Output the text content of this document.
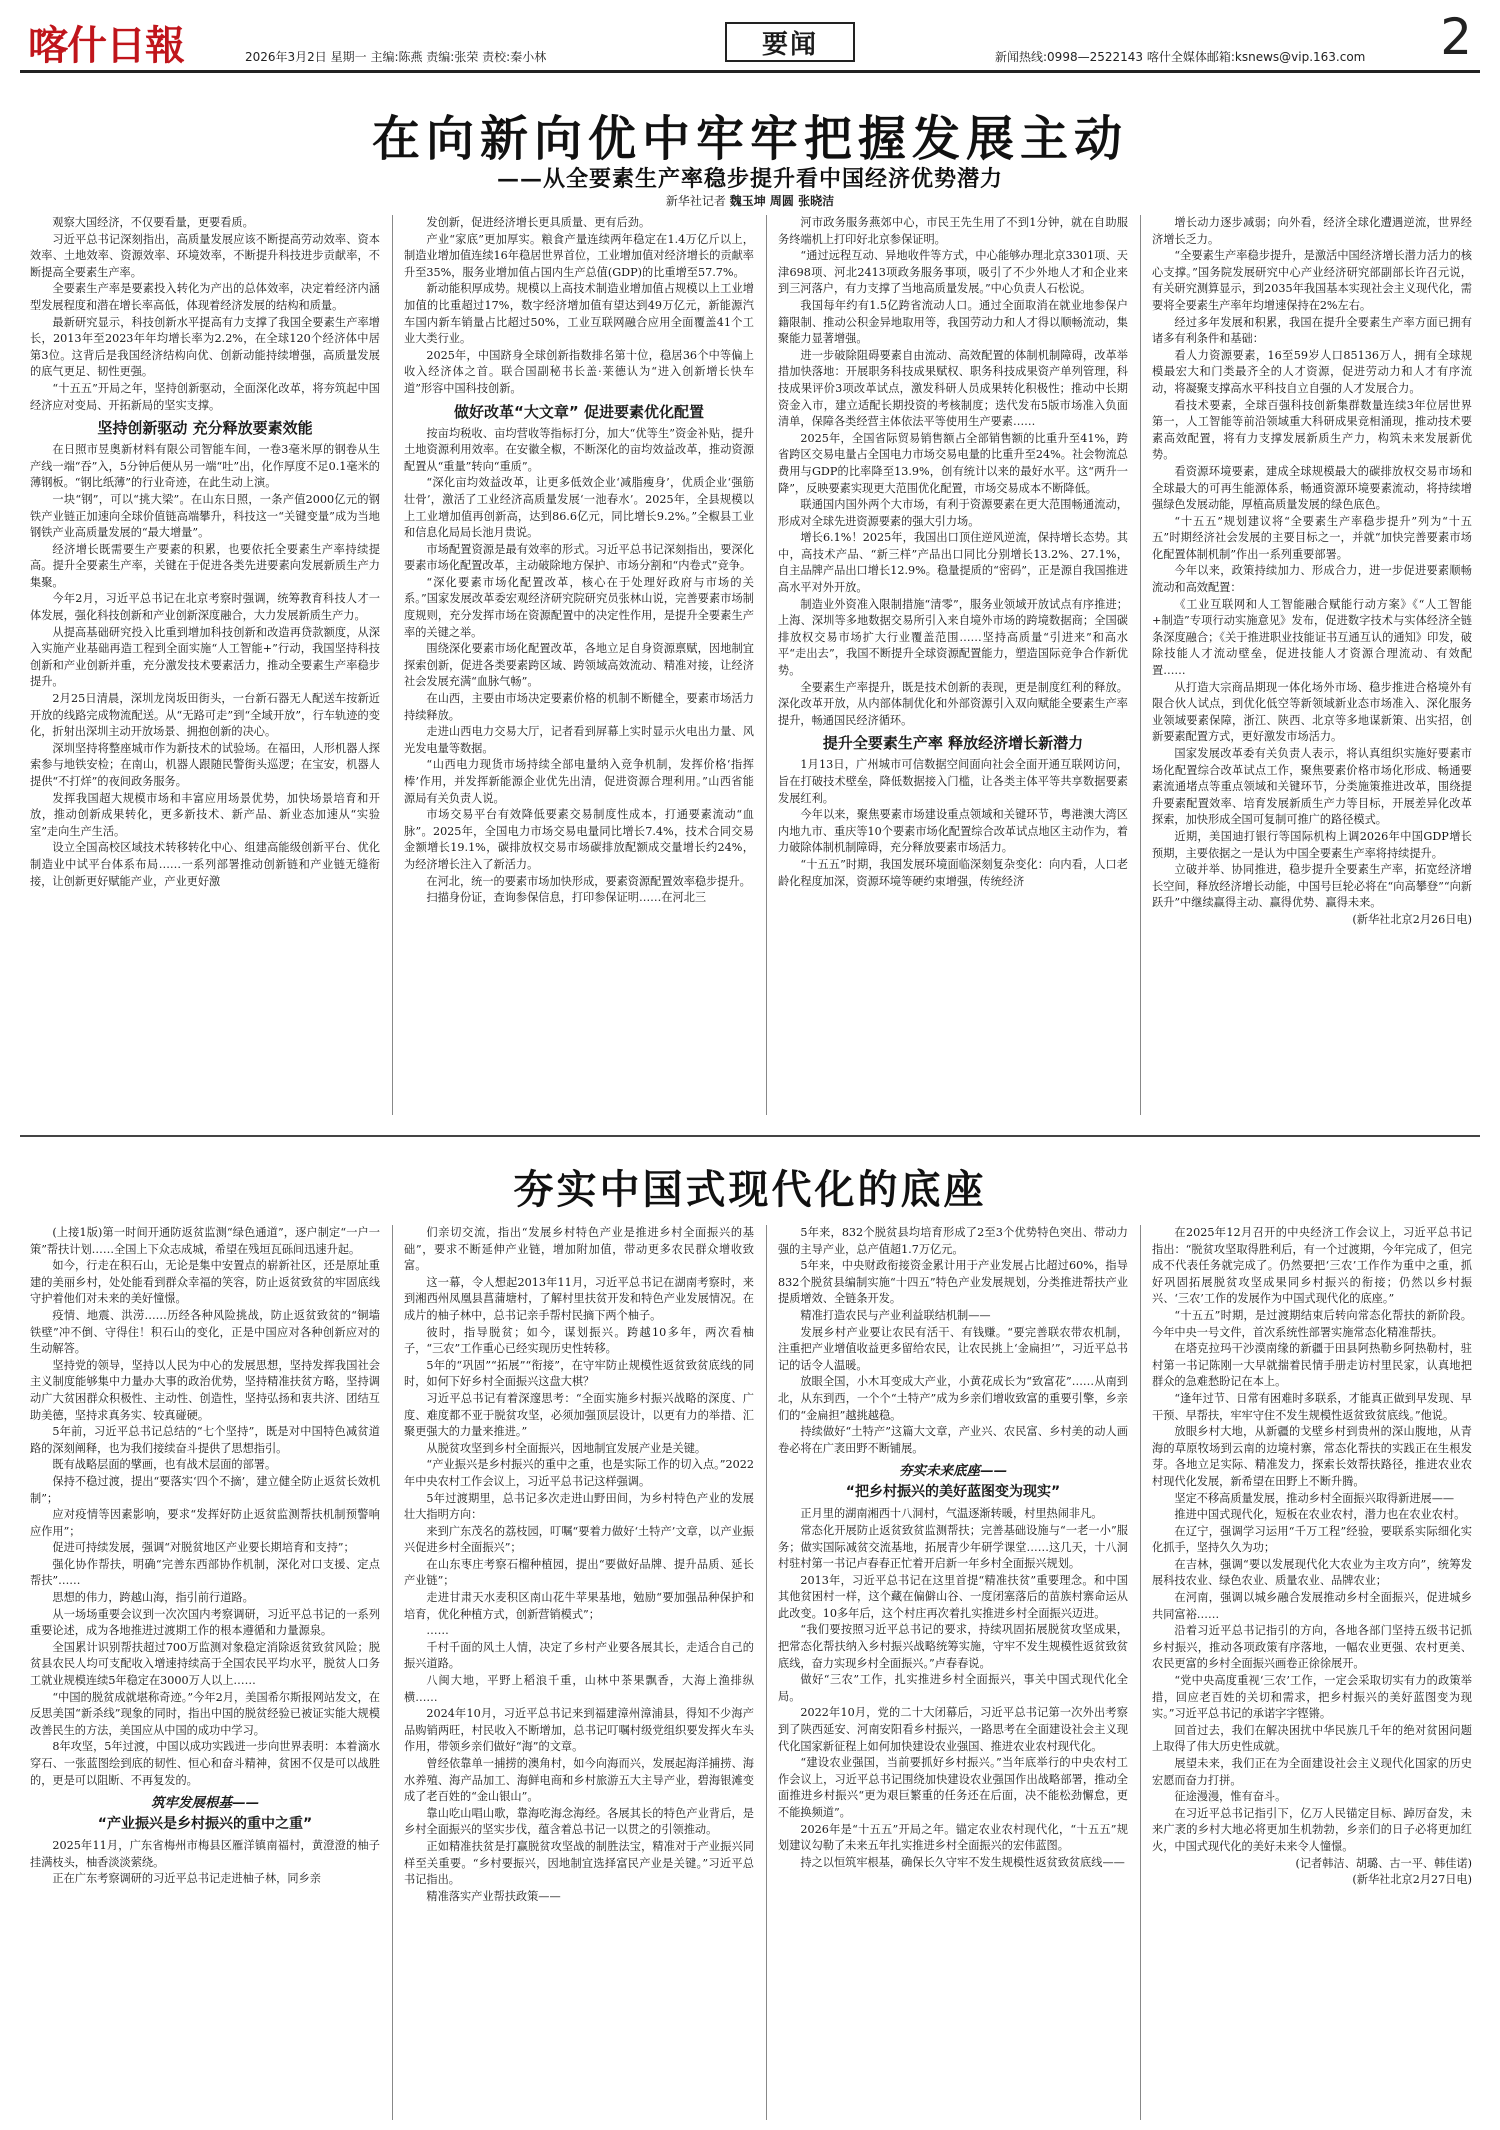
喀什日報	2026年3月2日 星期一 主编:陈燕 责编:张荣 责校:秦小林	要闻	新闻热线:0998—2522143 喀什全媒体邮箱:ksnews@vip.163.com 2
在向新向优中牢牢把握发展主动
——从全要素生产率稳步提升看中国经济优势潜力
新华社记者 魏玉坤 周圆 张晓洁

观察大国经济，不仅要看量，更要看质。

习近平总书记深刻指出，高质量发展应该不断提高劳动效率、资本效率、土地效率、资源效率、环境效率，不断提升科技进步贡献率，不断提高全要素生产率。

全要素生产率是要素投入转化为产出的总体效率，决定着经济内涵型发展程度和潜在增长率高低，体现着经济发展的结构和质量。

最新研究显示，科技创新水平提高有力支撑了我国全要素生产率增长，2013年至2023年年均增长率为2.2%，在全球120个经济体中居第3位。这背后是我国经济结构向优、创新动能持续增强，高质量发展的底气更足、韧性更强。

“十五五”开局之年，坚持创新驱动，全面深化改革，将夯筑起中国经济应对变局、开拓新局的坚实支撑。

坚持创新驱动 充分释放要素效能

在日照市昱奥新材料有限公司智能车间，一卷3毫米厚的钢卷从生产线一端“吞”入，5分钟后便从另一端“吐”出，化作厚度不足0.1毫米的薄钢板。“钢比纸薄”的行业奇迹，在此生动上演。

一块“钢”，可以“挑大梁”。在山东日照，一条产值2000亿元的钢铁产业链正加速向全球价值链高端攀升，科技这一“关键变量”成为当地钢铁产业高质量发展的“最大增量”。

经济增长既需要生产要素的积累，也要依托全要素生产率持续提高。提升全要素生产率，关键在于促进各类先进要素向发展新质生产力集聚。

今年2月，习近平总书记在北京考察时强调，统筹教育科技人才一体发展，强化科技创新和产业创新深度融合，大力发展新质生产力。

从提高基础研究投入比重到增加科技创新和改造再贷款额度，从深入实施产业基础再造工程到全面实施“人工智能+”行动，我国坚持科技创新和产业创新并重，充分激发技术要素活力，推动全要素生产率稳步提升。

2月25日清晨，深圳龙岗坂田街头，一台新石器无人配送车按新近开放的线路完成物流配送。从“无路可走”到“全域开放”，行车轨迹的变化，折射出深圳主动开放场景、拥抱创新的决心。

深圳坚持将整座城市作为新技术的试验场。在福田，人形机器人探索参与地铁安检；在南山，机器人跟随民警街头巡逻；在宝安，机器人提供“不打烊”的夜间政务服务。

发挥我国超大规模市场和丰富应用场景优势，加快场景培育和开放，推动创新成果转化，更多新技术、新产品、新业态加速从“实验室”走向生产生活。

设立全国高校区域技术转移转化中心、组建高能级创新平台、优化制造业中试平台体系布局……一系列部署推动创新链和产业链无缝衔接，让创新更好赋能产业，产业更好激

发创新，促进经济增长更具质量、更有后劲。

产业“家底”更加厚实。粮食产量连续两年稳定在1.4万亿斤以上，制造业增加值连续16年稳居世界首位，工业增加值对经济增长的贡献率升至35%，服务业增加值占国内生产总值(GDP)的比重增至57.7%。

新动能积厚成势。规模以上高技术制造业增加值占规模以上工业增加值的比重超过17%，数字经济增加值有望达到49万亿元，新能源汽车国内新车销量占比超过50%，工业互联网融合应用全面覆盖41个工业大类行业。

2025年，中国跻身全球创新指数排名第十位，稳居36个中等偏上收入经济体之首。联合国副秘书长盖·莱德认为“进入创新增长快车道”形容中国科技创新。

做好改革“大文章” 促进要素优化配置

按亩均税收、亩均营收等指标打分，加大“优等生”资金补贴，提升土地资源利用效率。在安徽全椒，不断深化的亩均效益改革，推动资源配置从“重量”转向“重质”。

“深化亩均效益改革，让更多低效企业‘减脂瘦身’，优质企业‘强筋壮骨’，激活了工业经济高质量发展‘一池春水’。2025年，全县规模以上工业增加值再创新高，达到86.6亿元，同比增长9.2%。”全椒县工业和信息化局局长池月贵说。

市场配置资源是最有效率的形式。习近平总书记深刻指出，要深化要素市场化配置改革，主动破除地方保护、市场分割和“内卷式”竞争。

“深化要素市场化配置改革，核心在于处理好政府与市场的关系。”国家发展改革委宏观经济研究院研究员张林山说，完善要素市场制度规则，充分发挥市场在资源配置中的决定性作用，是提升全要素生产率的关键之举。

围绕深化要素市场化配置改革，各地立足自身资源禀赋，因地制宜探索创新，促进各类要素跨区域、跨领域高效流动、精准对接，让经济社会发展充满“血脉气畅”。

在山西，主要由市场决定要素价格的机制不断健全，要素市场活力持续释放。

走进山西电力交易大厅，记者看到屏幕上实时显示火电出力量、风光发电量等数据。

“山西电力现货市场持续全部电量纳入竞争机制，发挥价格‘指挥棒’作用，并发挥新能源企业优先出清，促进资源合理利用。”山西省能源局有关负责人说。

市场交易平台有效降低要素交易制度性成本，打通要素流动“血脉”。2025年，全国电力市场交易电量同比增长7.4%，技术合同交易金额增长19.1%，碳排放权交易市场碳排放配额成交量增长约24%，为经济增长注入了新活力。

在河北，统一的要素市场加快形成，要素资源配置效率稳步提升。

扫描身份证，查询参保信息，打印参保证明……在河北三

河市政务服务燕郊中心，市民王先生用了不到1分钟，就在自助服务终端机上打印好北京参保证明。

“通过远程互动、异地收件等方式，中心能够办理北京3301项、天津698项、河北2413项政务服务事项，吸引了不少外地人才和企业来到三河落户，有力支撑了当地高质量发展。”中心负责人石松说。

我国每年约有1.5亿跨省流动人口。通过全面取消在就业地参保户籍限制、推动公积金异地取用等，我国劳动力和人才得以顺畅流动，集聚能力显著增强。

进一步破除阻碍要素自由流动、高效配置的体制机制障碍，改革举措加快落地：开展职务科技成果赋权、职务科技成果资产单列管理，科技成果评价3项改革试点，激发科研人员成果转化积极性；推动中长期资金入市，建立适配长期投资的考核制度；迭代发布5版市场准入负面清单，保障各类经营主体依法平等使用生产要素……

2025年，全国省际贸易销售额占全部销售额的比重升至41%，跨省跨区交易电量占全国电力市场交易电量的比重升至24%。社会物流总费用与GDP的比率降至13.9%，创有统计以来的最好水平。这“两升一降”，反映要素实现更大范围优化配置，市场交易成本不断降低。

联通国内国外两个大市场，有利于资源要素在更大范围畅通流动，形成对全球先进资源要素的强大引力场。

增长6.1%！2025年，我国出口顶住逆风逆流，保持增长态势。其中，高技术产品、“新三样”产品出口同比分别增长13.2%、27.1%，自主品牌产品出口增长12.9%。稳量提质的“密码”，正是源自我国推进高水平对外开放。

制造业外资准入限制措施“清零”，服务业领域开放试点有序推进；上海、深圳等多地数据交易所引入来自境外市场的跨境数据商；全国碳排放权交易市场扩大行业覆盖范围……坚持高质量“引进来”和高水平“走出去”，我国不断提升全球资源配置能力，塑造国际竞争合作新优势。

全要素生产率提升，既是技术创新的表现，更是制度红利的释放。深化改革开放，从内部体制优化和外部资源引入双向赋能全要素生产率提升，畅通国民经济循环。

提升全要素生产率 释放经济增长新潜力

1月13日，广州城市可信数据空间面向社会全面开通互联网访问，旨在打破技术壁垒，降低数据接入门槛，让各类主体平等共享数据要素发展红利。

今年以来，聚焦要素市场建设重点领域和关键环节，粤港澳大湾区内地九市、重庆等10个要素市场化配置综合改革试点地区主动作为，着力破除体制机制障碍，充分释放要素市场活力。

“十五五”时期，我国发展环境面临深刻复杂变化：向内看，人口老龄化程度加深，资源环境等硬约束增强，传统经济

增长动力逐步减弱；向外看，经济全球化遭遇逆流，世界经济增长乏力。

“全要素生产率稳步提升，是激活中国经济增长潜力活力的核心支撑。”国务院发展研究中心产业经济研究部副部长许召元说，有关研究测算显示，到2035年我国基本实现社会主义现代化，需要将全要素生产率年均增速保持在2%左右。

经过多年发展和积累，我国在提升全要素生产率方面已拥有诸多有利条件和基础：

看人力资源要素，16至59岁人口85136万人，拥有全球规模最宏大和门类最齐全的人才资源，促进劳动力和人才有序流动，将凝聚支撑高水平科技自立自强的人才发展合力。

看技术要素，全球百强科技创新集群数量连续3年位居世界第一，人工智能等前沿领域重大科研成果竞相涌现，推动技术要素高效配置，将有力支撑发展新质生产力，构筑未来发展新优势。

看资源环境要素，建成全球规模最大的碳排放权交易市场和全球最大的可再生能源体系，畅通资源环境要素流动，将持续增强绿色发展动能，厚植高质量发展的绿色底色。

“十五五”规划建议将“全要素生产率稳步提升”列为“十五五”时期经济社会发展的主要目标之一，并就“加快完善要素市场化配置体制机制”作出一系列重要部署。

今年以来，政策持续加力、形成合力，进一步促进要素顺畅流动和高效配置：

《工业互联网和人工智能融合赋能行动方案》《“人工智能+制造”专项行动实施意见》发布，促进数字技术与实体经济全链条深度融合；《关于推进职业技能证书互通互认的通知》印发，破除技能人才流动壁垒，促进技能人才资源合理流动、有效配置……

从打造大宗商品期现一体化场外市场、稳步推进合格境外有限合伙人试点，到优化低空等新领域新业态市场准入、深化服务业领域要素保障，浙江、陕西、北京等多地谋新策、出实招，创新要素配置方式，更好激发市场活力。

国家发展改革委有关负责人表示，将认真组织实施好要素市场化配置综合改革试点工作，聚焦要素价格市场化形成、畅通要素流通堵点等重点领域和关键环节，分类施策推进改革，围绕提升要素配置效率、培育发展新质生产力等目标，开展差异化改革探索，加快形成全国可复制可推广的路径模式。

近期，美国迪打银行等国际机构上调2026年中国GDP增长预期，主要依据之一是认为中国全要素生产率将持续提升。

立破并举、协同推进，稳步提升全要素生产率，拓宽经济增长空间，释放经济增长动能，中国号巨轮必将在“向高攀登”“向新跃升”中继续赢得主动、赢得优势、赢得未来。

(新华社北京2月26日电)

夯实中国式现代化的底座

(上接1版)第一时间开通防返贫监测“绿色通道”，逐户制定“一户一策”帮扶计划……全国上下众志成城，希望在残垣瓦砾间迅速升起。

如今，行走在积石山，无论是集中安置点的崭新社区，还是原址重建的美丽乡村，处处能看到群众幸福的笑容，防止返贫致贫的牢固底线守护着他们对未来的美好憧憬。

疫情、地震、洪涝……历经各种风险挑战，防止返贫致贫的“铜墙铁壁”冲不倒、守得住！积石山的变化，正是中国应对各种创新应对的生动解答。

坚持党的领导，坚持以人民为中心的发展思想，坚持发挥我国社会主义制度能够集中力量办大事的政治优势，坚持精准扶贫方略，坚持调动广大贫困群众积极性、主动性、创造性，坚持弘扬和衷共济、团结互助美德，坚持求真务实、较真碰硬。

5年前，习近平总书记总结的“七个坚持”，既是对中国特色减贫道路的深刻阐释，也为我们接续奋斗提供了思想指引。

既有战略层面的擘画，也有战术层面的部署。

保持不稳过渡，提出“要落实‘四个不摘’，建立健全防止返贫长效机制”；

应对疫情等因素影响，要求“发挥好防止返贫监测帮扶机制预警响应作用”；

促进可持续发展，强调“对脱贫地区产业要长期培育和支持”；

强化协作帮扶，明确“完善东西部协作机制，深化对口支援、定点帮扶”……

思想的伟力，跨越山海，指引前行道路。

从一场场重要会议到一次次国内考察调研，习近平总书记的一系列重要论述，成为各地推进过渡期工作的根本遵循和力量源泉。

全国累计识别帮扶超过700万监测对象稳定消除返贫致贫风险；脱贫县农民人均可支配收入增速持续高于全国农民平均水平，脱贫人口务工就业规模连续5年稳定在3000万人以上……

“中国的脱贫成就堪称奇迹。”今年2月，美国希尔斯报网站发文，在反思美国“新杀线”现象的同时，指出中国的脱贫经验已被证实能大规模改善民生的方法，美国应从中国的成功中学习。

8年攻坚，5年过渡，中国以成功实践进一步向世界表明：本着滴水穿石、一张蓝图绘到底的韧性、恒心和奋斗精神，贫困不仅是可以战胜的，更是可以阻断、不再复发的。

筑牢发展根基——
“产业振兴是乡村振兴的重中之重”

2025年11月，广东省梅州市梅县区雁洋镇南福村，黄澄澄的柚子挂满枝头，柚香淡淡萦绕。

正在广东考察调研的习近平总书记走进柚子林，同乡亲

们亲切交流，指出“发展乡村特色产业是推进乡村全面振兴的基础”，要求不断延伸产业链，增加附加值，带动更多农民群众增收致富。

这一幕，令人想起2013年11月，习近平总书记在湖南考察时，来到湘西州凤凰县菖蒲塘村，了解村里扶贫开发和特色产业发展情况。在成片的柚子林中，总书记亲手帮村民摘下两个柚子。

彼时，指导脱贫；如今，谋划振兴。跨越10多年，两次看柚子，“三农”工作重心已经实现历史性转移。

5年的“巩固”“拓展”“衔接”，在守牢防止规模性返贫致贫底线的同时，如何下好乡村全面振兴这盘大棋？

习近平总书记有着深邃思考：“全面实施乡村振兴战略的深度、广度、难度都不亚于脱贫攻坚，必须加强顶层设计，以更有力的举措、汇聚更强大的力量来推进。”

从脱贫攻坚到乡村全面振兴，因地制宜发展产业是关键。

“产业振兴是乡村振兴的重中之重，也是实际工作的切入点。”2022年中央农村工作会议上，习近平总书记这样强调。

5年过渡期里，总书记多次走进山野田间，为乡村特色产业的发展壮大指明方向：

来到广东茂名的荔枝园，叮嘱“要着力做好‘土特产’文章，以产业振兴促进乡村全面振兴”；

在山东枣庄考察石榴种植园，提出“要做好品牌、提升品质、延长产业链”；

走进甘肃天水麦积区南山花牛苹果基地，勉励“要加强品种保护和培育，优化种植方式，创新营销模式”；

……

千村千面的风土人情，决定了乡村产业要各展其长，走适合自己的振兴道路。

八闽大地，平野上稻浪千重，山林中茶果飘香，大海上渔排纵横……

2024年10月，习近平总书记来到福建漳州漳浦县，得知不少海产品购销两旺，村民收入不断增加，总书记叮嘱村级党组织要发挥火车头作用，带领乡亲们做好“海”的文章。

曾经依靠单一捕捞的澳角村，如今向海而兴，发展起海洋捕捞、海水养殖、海产品加工、海鲜电商和乡村旅游五大主导产业，碧海银滩变成了老百姓的“金山银山”。

靠山吃山唱山歌，靠海吃海念海经。各展其长的特色产业背后，是乡村全面振兴的坚实步伐，蕴含着总书记一以贯之的引领推动。

正如精准扶贫是打赢脱贫攻坚战的制胜法宝，精准对于产业振兴同样至关重要。“乡村要振兴，因地制宜选择富民产业是关键。”习近平总书记指出。

精准落实产业帮扶政策——

5年来，832个脱贫县均培育形成了2至3个优势特色突出、带动力强的主导产业，总产值超1.7万亿元。

5年来，中央财政衔接资金累计用于产业发展占比超过60%，指导832个脱贫县编制实施“十四五”特色产业发展规划，分类推进帮扶产业提质增效、全链条开发。

精准打造农民与产业利益联结机制——

发展乡村产业要让农民有活干、有钱赚。“要完善联农带农机制，注重把产业增值收益更多留给农民，让农民挑上‘金扁担’”，习近平总书记的话令人温暖。

放眼全国，小木耳变成大产业，小黄花成长为“致富花”……从南到北，从东到西，一个个“土特产”成为乡亲们增收致富的重要引擎，乡亲们的“金扁担”越挑越稳。

持续做好“土特产”这篇大文章，产业兴、农民富、乡村美的动人画卷必将在广袤田野不断铺展。

夯实未来底座——
“把乡村振兴的美好蓝图变为现实”

正月里的湖南湘西十八洞村，气温逐渐转暖，村里热闹非凡。

常态化开展防止返贫致贫监测帮扶；完善基础设施与“一老一小”服务；做实国际减贫交流基地，拓展青少年研学课堂……这几天，十八洞村驻村第一书记卢春春正忙着开启新一年乡村全面振兴规划。

2013年，习近平总书记在这里首提“精准扶贫”重要理念。和中国其他贫困村一样，这个藏在偏僻山谷、一度闭塞落后的苗族村寨命运从此改变。10多年后，这个村庄再次着扎实推进乡村全面振兴迈进。

“我们要按照习近平总书记的要求，持续巩固拓展脱贫攻坚成果，把常态化帮扶纳入乡村振兴战略统筹实施，守牢不发生规模性返贫致贫底线，奋力实现乡村全面振兴。”卢春春说。

做好“三农”工作，扎实推进乡村全面振兴，事关中国式现代化全局。

2022年10月，党的二十大闭幕后，习近平总书记第一次外出考察到了陕西延安、河南安阳看乡村振兴，一路思考在全面建设社会主义现代化国家新征程上如何加快建设农业强国、推进农业农村现代化。

“建设农业强国，当前要抓好乡村振兴。”当年底举行的中央农村工作会议上，习近平总书记围绕加快建设农业强国作出战略部署，推动全面推进乡村振兴“更为艰巨繁重的任务还在后面，决不能松劲懈怠，更不能换频道”。

2026年是“十五五”开局之年。锚定农业农村现代化，“十五五”规划建议勾勒了未来五年扎实推进乡村全面振兴的宏伟蓝图。

持之以恒筑牢根基，确保长久守牢不发生规模性返贫致贫底线——

在2025年12月召开的中央经济工作会议上，习近平总书记指出：“脱贫攻坚取得胜利后，有一个过渡期，今年完成了，但完成不代表任务就完成了。仍然要把‘三农’工作作为重中之重，抓好巩固拓展脱贫攻坚成果同乡村振兴的衔接；仍然以乡村振兴、‘三农’工作的发展作为中国式现代化的底座。”

“十五五”时期，是过渡期结束后转向常态化帮扶的新阶段。今年中央一号文件，首次系统性部署实施常态化精准帮扶。

在塔克拉玛干沙漠南缘的新疆于田县阿热勒乡阿热勒村，驻村第一书记陈刚一大早就揣着民情手册走访村里民家，认真地把群众的急难愁盼记在本上。

“逢年过节、日常有困难时多联系，才能真正做到早发现、早干预、早帮扶，牢牢守住不发生规模性返贫致贫底线。”他说。

放眼乡村大地，从新疆的戈壁乡村到贵州的深山腹地，从青海的草原牧场到云南的边境村寨，常态化帮扶的实践正在生根发芽。各地立足实际、精准发力，探索长效帮扶路径，推进农业农村现代化发展，新希望在田野上不断升腾。

坚定不移高质量发展，推动乡村全面振兴取得新进展——

推进中国式现代化，短板在农业农村，潜力也在农业农村。

在辽宁，强调学习运用“千万工程”经验，要联系实际细化实化抓手，坚持久久为功；

在吉林，强调“要以发展现代化大农业为主攻方向”，统筹发展科技农业、绿色农业、质量农业、品牌农业；

在河南，强调以城乡融合发展推动乡村全面振兴，促进城乡共同富裕……

沿着习近平总书记指引的方向，各地各部门坚持五级书记抓乡村振兴，推动各项政策有序落地，一幅农业更强、农村更美、农民更富的乡村全面振兴画卷正徐徐展开。

“党中央高度重视‘三农’工作，一定会采取切实有力的政策举措，回应老百姓的关切和需求，把乡村振兴的美好蓝图变为现实。”习近平总书记的承诺字字铿锵。

回首过去，我们在解决困扰中华民族几千年的绝对贫困问题上取得了伟大历史性成就。

展望未来，我们正在为全面建设社会主义现代化国家的历史宏愿而奋力打拼。

征途漫漫，惟有奋斗。

在习近平总书记指引下，亿万人民锚定目标、踔厉奋发，未来广袤的乡村大地必将更加生机勃勃，乡亲们的日子必将更加红火，中国式现代化的美好未来令人憧憬。

(记者韩洁、胡璐、古一平、韩佳诺)

(新华社北京2月27日电)
